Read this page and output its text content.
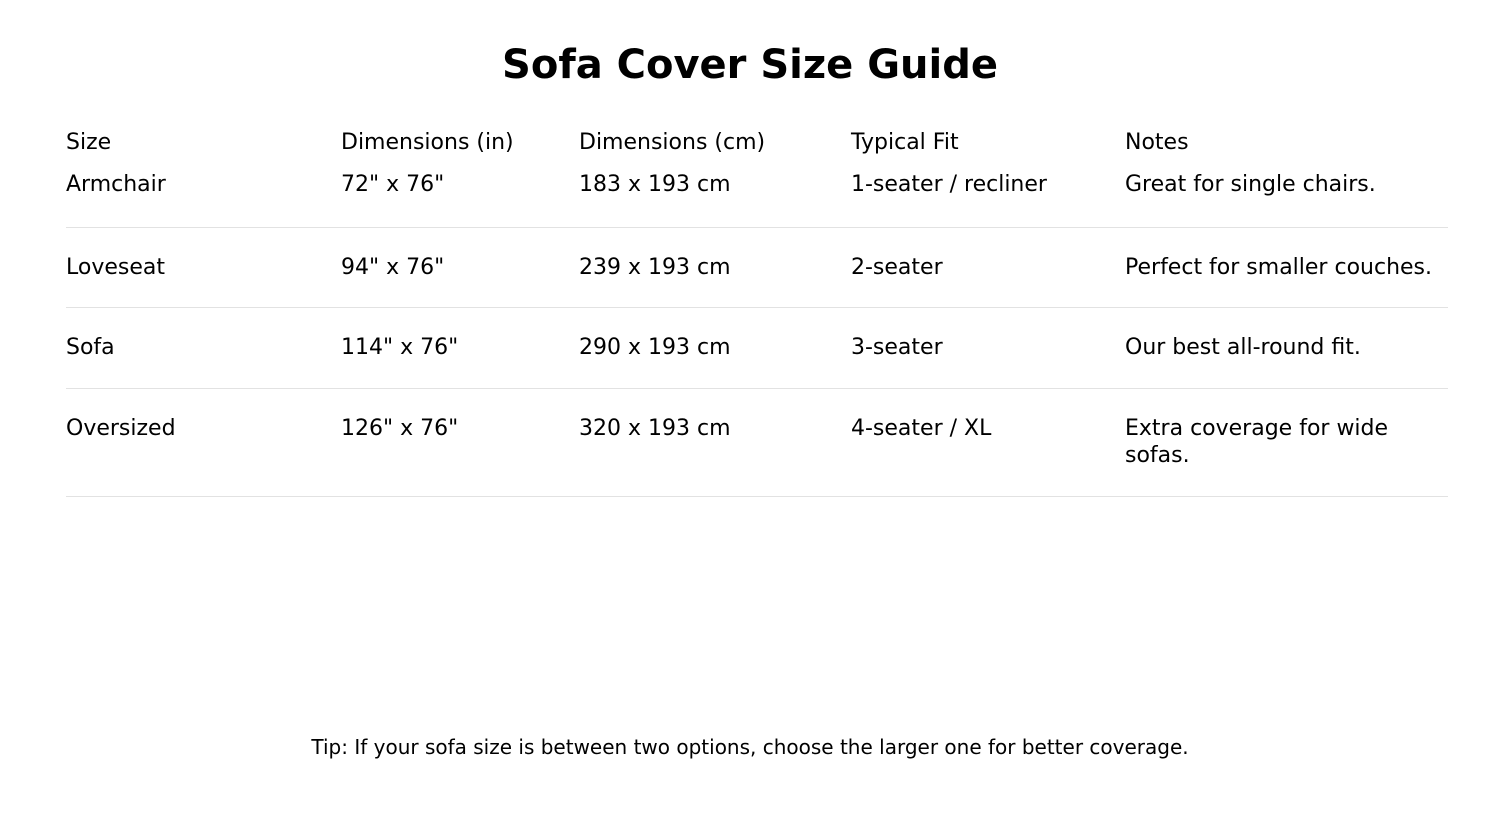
Sofa Cover Size Guide
Size	Dimensions (in)	Dimensions (cm)	Typical Fit	Notes
Armchair	72" x 76"	183 x 193 cm	1-seater / recliner	Great for single chairs.
Loveseat	94" x 76"	239 x 193 cm	2-seater	Perfect for smaller couches.
Sofa	114" x 76"	290 x 193 cm	3-seater	Our best all-round fit.
Oversized	126" x 76"	320 x 193 cm	4-seater / XL	Extra coverage for wide sofas.
Tip: If your sofa size is between two options, choose the larger one for better coverage.
